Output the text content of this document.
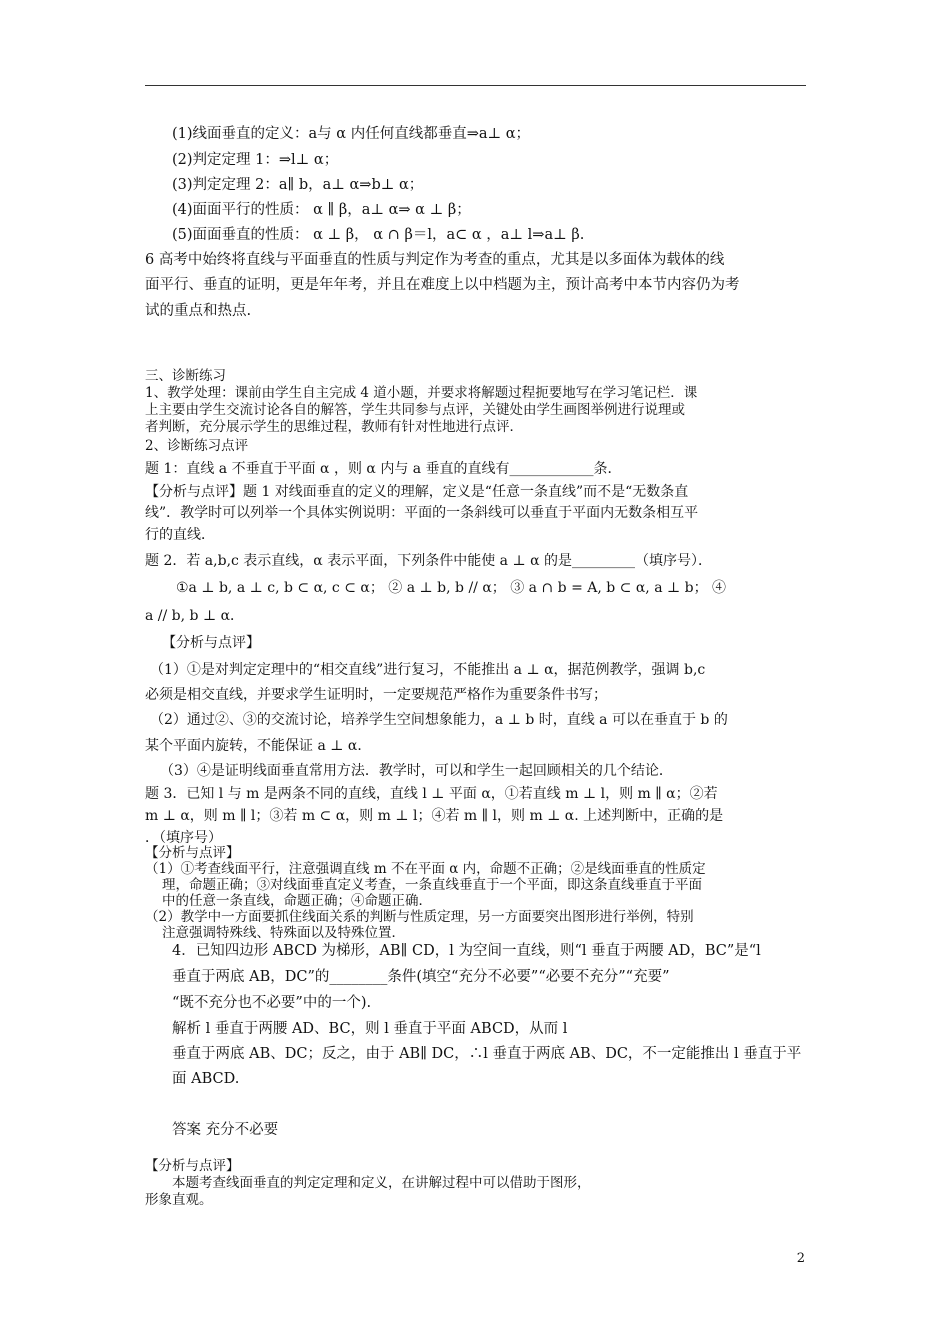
(1)线面垂直的定义：a与 α 内任何直线都垂直⇒a⊥ α；
(2)判定定理 1：⇒l⊥ α；
(3)判定定理 2：a∥ b，a⊥ α⇒b⊥ α；
(4)面面平行的性质： α ∥ β，a⊥ α⇒ α ⊥ β；
(5)面面垂直的性质： α ⊥ β， α ∩ β＝l，a⊂ α ，a⊥ l⇒a⊥ β.
6 高考中始终将直线与平面垂直的性质与判定作为考查的重点，尤其是以多面体为载体的线
面平行、垂直的证明，更是年年考，并且在难度上以中档题为主，预计高考中本节内容仍为考
试的重点和热点.
三、诊断练习
1、教学处理：课前由学生自主完成 4 道小题，并要求将解题过程扼要地写在学习笔记栏．课
上主要由学生交流讨论各自的解答，学生共同参与点评，关键处由学生画图举例进行说理或
者判断，充分展示学生的思维过程，教师有针对性地进行点评．
2、诊断练习点评
题 1：直线 a 不垂直于平面 α ，则 α 内与 a 垂直的直线有____________条．
【分析与点评】题 1 对线面垂直的定义的理解，定义是“任意一条直线”而不是“无数条直
线”．教学时可以列举一个具体实例说明：平面的一条斜线可以垂直于平面内无数条相互平
行的直线．
题 2．若 a,b,c 表示直线，α 表示平面，下列条件中能使 a ⊥ α 的是_________（填序号）．
①a ⊥ b, a ⊥ c, b ⊂ α, c ⊂ α； ② a ⊥ b, b // α； ③ a ∩ b = A, b ⊂ α, a ⊥ b； ④
a // b, b ⊥ α．
【分析与点评】
（1）①是对判定定理中的“相交直线”进行复习，不能推出 a ⊥ α，据范例教学，强调 b,c
必须是相交直线，并要求学生证明时，一定要规范严格作为重要条件书写；
（2）通过②、③的交流讨论，培养学生空间想象能力，a ⊥ b 时，直线 a 可以在垂直于 b 的
某个平面内旋转，不能保证 a ⊥ α．
（3）④是证明线面垂直常用方法．教学时，可以和学生一起回顾相关的几个结论．
题 3．已知 l 与 m 是两条不同的直线，直线 l ⊥ 平面 α，①若直线 m ⊥ l，则 m ∥ α；②若
m ⊥ α，则 m ∥ l；③若 m ⊂ α，则 m ⊥ l；④若 m ∥ l，则 m ⊥ α. 上述判断中，正确的是
．（填序号）
【分析与点评】
（1）①考查线面平行，注意强调直线 m 不在平面 α 内，命题不正确；②是线面垂直的性质定
理，命题正确；③对线面垂直定义考查，一条直线垂直于一个平面，即这条直线垂直于平面
中的任意一条直线，命题正确；④命题正确．
（2）教学中一方面要抓住线面关系的判断与性质定理，另一方面要突出图形进行举例，特别
注意强调特殊线、特殊面以及特殊位置．
4．已知四边形 ABCD 为梯形，AB∥ CD，l 为空间一直线，则“l 垂直于两腰 AD，BC”是“l
垂直于两底 AB，DC”的________条件(填空“充分不必要”“必要不充分”“充要”
“既不充分也不必要”中的一个).
解析 l 垂直于两腰 AD、BC，则 l 垂直于平面 ABCD，从而 l
垂直于两底 AB、DC；反之，由于 AB∥ DC，∴l 垂直于两底 AB、DC，不一定能推出 l 垂直于平
面 ABCD.
答案 充分不必要
【分析与点评】
本题考查线面垂直的判定定理和定义，在讲解过程中可以借助于图形，
形象直观。
2
